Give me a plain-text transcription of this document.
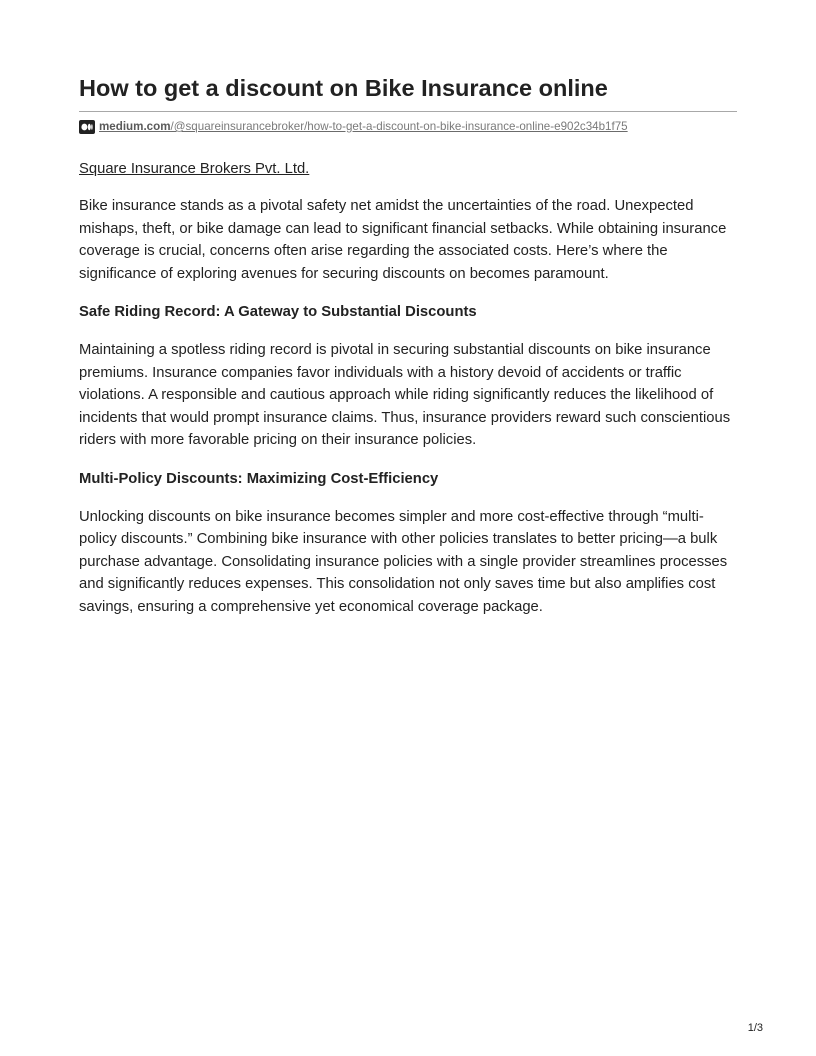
How to get a discount on Bike Insurance online
medium.com /@squareinsurancebroker/how-to-get-a-discount-on-bike-insurance-online-e902c34b1f75
Square Insurance Brokers Pvt. Ltd.

Bike insurance stands as a pivotal safety net amidst the uncertainties of the road. Unexpected mishaps, theft, or bike damage can lead to significant financial setbacks. While obtaining insurance coverage is crucial, concerns often arise regarding the associated costs. Here’s where the significance of exploring avenues for securing discounts on becomes paramount.

Safe Riding Record: A Gateway to Substantial Discounts

Maintaining a spotless riding record is pivotal in securing substantial discounts on bike insurance premiums. Insurance companies favor individuals with a history devoid of accidents or traffic violations. A responsible and cautious approach while riding significantly reduces the likelihood of incidents that would prompt insurance claims. Thus, insurance providers reward such conscientious riders with more favorable pricing on their insurance policies.

Multi-Policy Discounts: Maximizing Cost-Efficiency

Unlocking discounts on bike insurance becomes simpler and more cost-effective through “multi-policy discounts.” Combining bike insurance with other policies translates to better pricing—a bulk purchase advantage. Consolidating insurance policies with a single provider streamlines processes and significantly reduces expenses. This consolidation not only saves time but also amplifies cost savings, ensuring a comprehensive yet economical coverage package.

1/3
